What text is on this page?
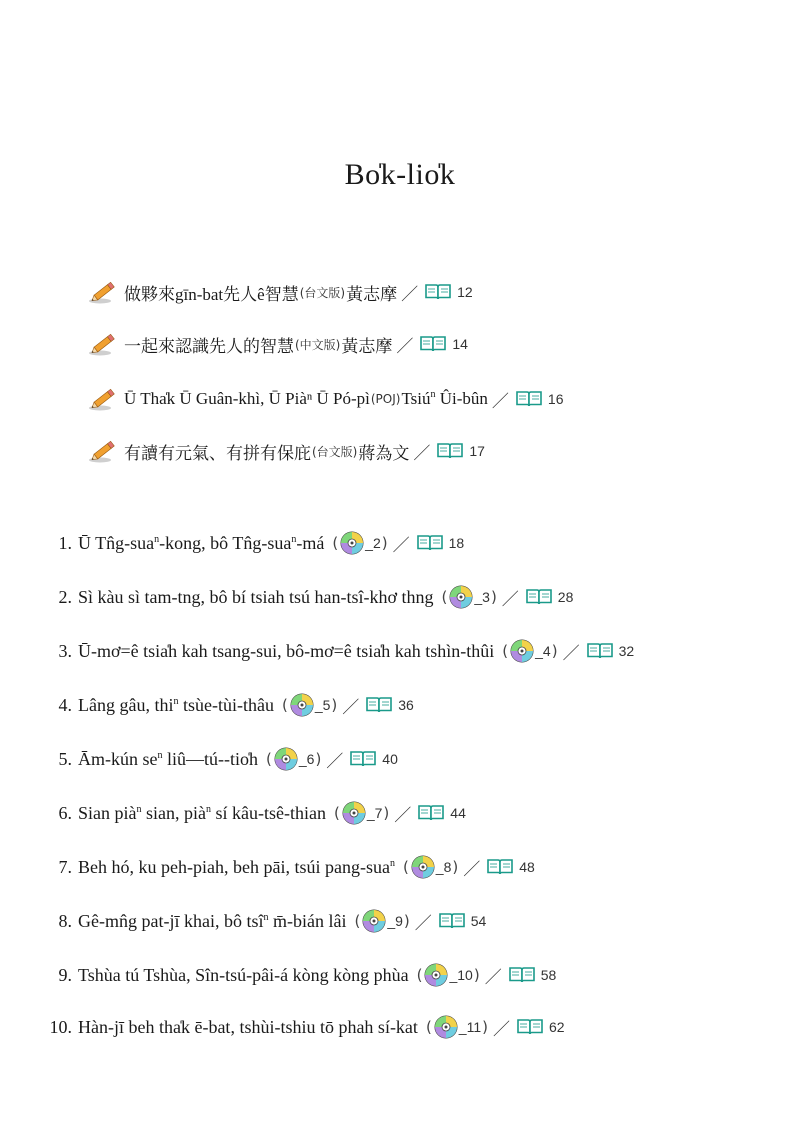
Bo̍k-lio̍k
做夥來gīn-bat先人ê智慧 (台文版) 黃志摩 ／	12
一起來認識先人的智慧 (中文版) 黃志摩 ／	14
Ū Tha̍k Ū Guân-khì, Ū Piàⁿ Ū Pó-pì (POJ) Tsiú$^n$ Ûi-bûn ／	16
有讀有元氣、有拼有保庇 (台文版) 蔣為文 ／	17
1. Ū Tn̂g-sua$^n$-kong, bô Tn̂g-sua$^n$-má ( _2 ) ／	18
2. Sì kàu sì tam-tng, bô bí tsiah tsú han-tsî-khơ thng ( _3 ) ／	28
3. Ū-mơ=ê tsia̍h kah tsang-sui, bô-mơ=ê tsia̍h kah tshìn-thûi ( _4 ) ／	32
4. Lâng gâu, thi$^n$ tsùe-tùi-thâu ( _5 ) ／	36
5. Ām-kún $se^n$ liû—tú--tio̍h ( _6 ) ／	40
6. Sian pià$^n$ sian, pià$^n$ sí kâu-tsê-thian ( _7 ) ／	44
7. Beh hó, ku peh-piah, beh pāi, tsúi pang-sua$^n$ ( _8 ) ／	48
8. Gê-mn̂g pat-jī khai, bô tsî$^n$ m̄-bián lâi ( _9 ) ／	54
9. Tshùa tú Tshùa, Sîn-tsú-pâi-á kòng kòng phùa ( _10 ) ／	58
10. Hàn-jī beh tha̍k ē-bat, tshùi-tshiu tō phah sí-kat ( _11 ) ／	62
